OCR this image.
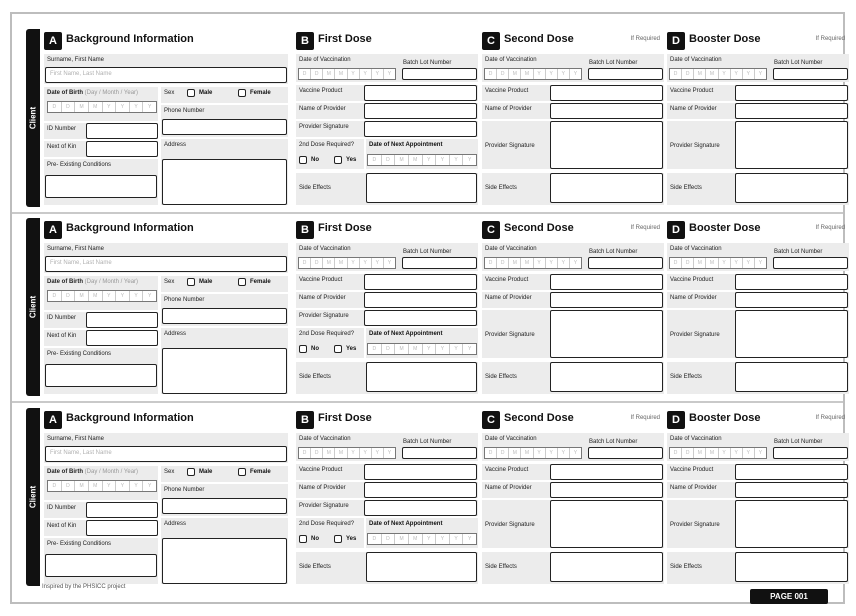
Client
A Background Information
Surname, First Name
First Name, Last Name
Date of Birth (Day / Month / Year)
D	D	M	M	Y	Y	Y	Y
Sex	Male	Female
Phone Number
ID Number
Next of Kin	Address
Pre- Existing Conditions
B First Dose
Date of Vaccination	Batch Lot Number
D	D	M	M	Y	Y	Y	Y
Vaccine Product
Name of Provider
Provider Signature
2nd Dose Required?
No	Yes
Date of Next Appointment
D	D	M	M	Y	Y	Y	Y
Side Effects
C Second Dose	If Required
Date of Vaccination	Batch Lot Number
D	D	M	M	Y	Y	Y	Y
Vaccine Product
Name of Provider
Provider Signature
Side Effects
D Booster Dose	If Required
Date of Vaccination	Batch Lot Number
D	D	M	M	Y	Y	Y	Y
Vaccine Product
Name of Provider
Provider Signature
Side Effects
Client
A Background Information
Surname, First Name
First Name, Last Name
Date of Birth (Day / Month / Year)
D	D	M	M	Y	Y	Y	Y
Sex	Male	Female
Phone Number
ID Number
Next of Kin	Address
Pre- Existing Conditions
B First Dose
Date of Vaccination	Batch Lot Number
D	D	M	M	Y	Y	Y	Y
Vaccine Product
Name of Provider
Provider Signature
2nd Dose Required?
No	Yes
Date of Next Appointment
D	D	M	M	Y	Y	Y	Y
Side Effects
C Second Dose	If Required
Date of Vaccination	Batch Lot Number
D	D	M	M	Y	Y	Y	Y
Vaccine Product
Name of Provider
Provider Signature
Side Effects
D Booster Dose	If Required
Date of Vaccination	Batch Lot Number
D	D	M	M	Y	Y	Y	Y
Vaccine Product
Name of Provider
Provider Signature
Side Effects
Client
A Background Information
Surname, First Name
First Name, Last Name
Date of Birth (Day / Month / Year)
D	D	M	M	Y	Y	Y	Y
Sex	Male	Female
Phone Number
ID Number
Next of Kin	Address
Pre- Existing Conditions
B First Dose
Date of Vaccination	Batch Lot Number
D	D	M	M	Y	Y	Y	Y
Vaccine Product
Name of Provider
Provider Signature
2nd Dose Required?
No	Yes
Date of Next Appointment
D	D	M	M	Y	Y	Y	Y
Side Effects
C Second Dose	If Required
Date of Vaccination	Batch Lot Number
D	D	M	M	Y	Y	Y	Y
Vaccine Product
Name of Provider
Provider Signature
Side Effects
D Booster Dose	If Required
Date of Vaccination	Batch Lot Number
D	D	M	M	Y	Y	Y	Y
Vaccine Product
Name of Provider
Provider Signature
Side Effects
Inspired by the PHSICC project
PAGE 001
